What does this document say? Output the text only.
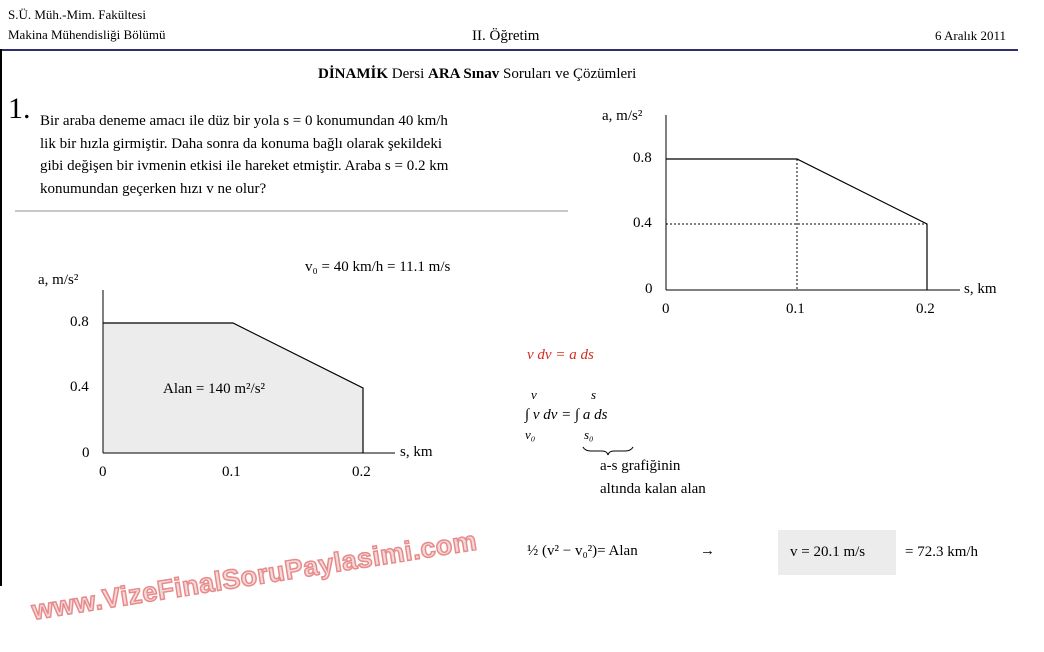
S.Ü. Müh.-Mim. Fakültesi
Makina Mühendisliği Bölümü	II. Öğretim	6 Aralık 2011
DİNAMİK Dersi ARA Sınav Soruları ve Çözümleri
1. Bir araba deneme amacı ile düz bir yola s = 0 konumundan 40 km/h
lik bir hızla girmiştir. Daha sonra da konuma bağlı olarak şekildeki
gibi değişen bir ivmenin etkisi ile hareket etmiştir. Araba s = 0.2 km
konumundan geçerken hızı v ne olur?
a, m/s²
0.8
0.4
0
0	0.1	0.2
s, km
a, m/s²
0.8
0.4
0
0	0.1	0.2
s, km
Alan = 140 m²/s²
v₀ = 40 km/h = 11.1 m/s
v dv = a ds
v	s
∫ v dv = ∫ a ds
v₀	s₀
a-s grafiğinin
altında kalan alan
½ (v² − v₀²)= Alan	→	v = 20.1 m/s	= 72.3 km/h
www.VizeFinalSoruPaylasimi.com
